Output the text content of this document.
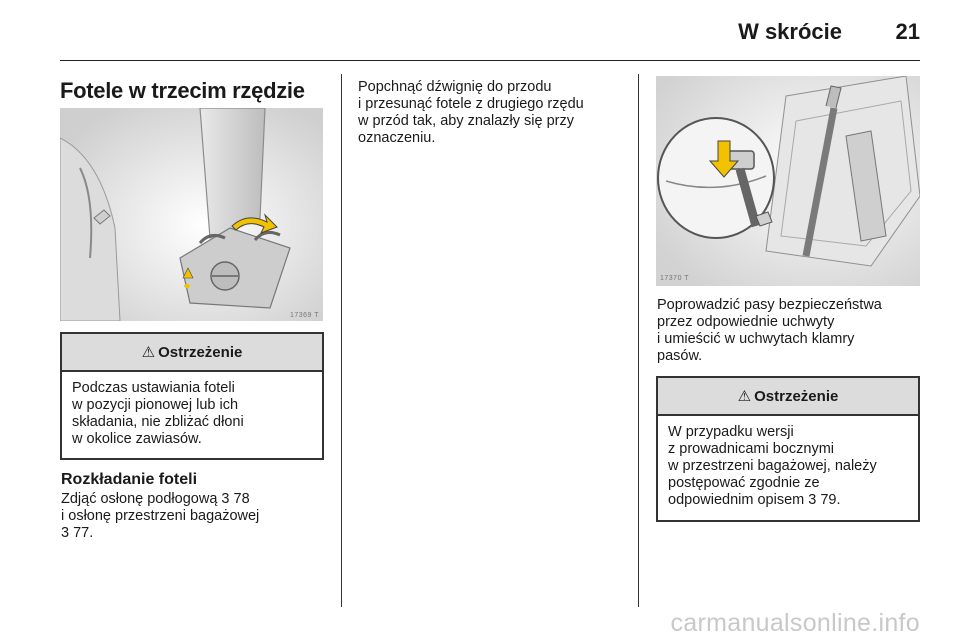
W skrócie 21
Fotele w trzecim rzędzie
17369 T
⚠ Ostrzeżenie
Podczas ustawiania foteli
w pozycji pionowej lub ich
składania, nie zbliżać dłoni
w okolice zawiasów.
Rozkładanie foteli
Zdjąć osłonę podłogową 3 78
i osłonę przestrzeni bagażowej
3 77.
Popchnąć dźwignię do przodu
i przesunąć fotele z drugiego rzędu
w przód tak, aby znalazły się przy
oznaczeniu.
17370 T
Poprowadzić pasy bezpieczeństwa
przez odpowiednie uchwyty
i umieścić w uchwytach klamry
pasów.
⚠ Ostrzeżenie
W przypadku wersji
z prowadnicami bocznymi
w przestrzeni bagażowej, należy
postępować zgodnie ze
odpowiednim opisem 3 79.
carmanualsonline.info
